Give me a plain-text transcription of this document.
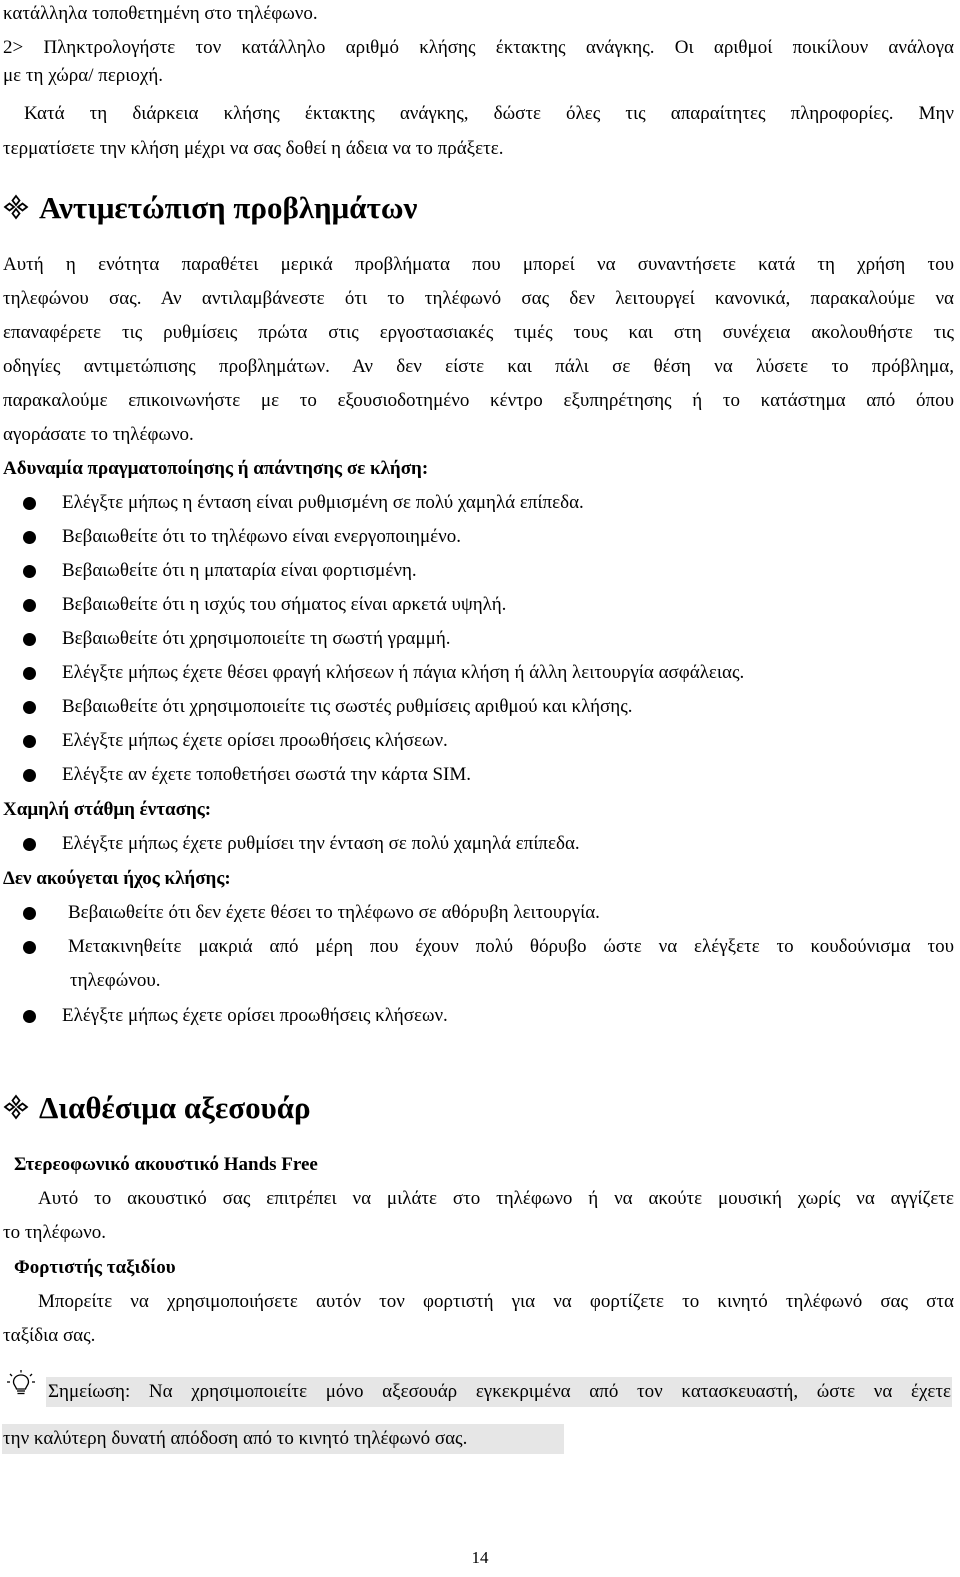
κατάλληλα τοποθετημένη στο τηλέφωνο.
2> Πληκτρολογήστε τον κατάλληλο αριθμό κλήσης έκτακτης ανάγκης. Οι αριθμοί ποικίλουν ανάλογα
με τη χώρα/ περιοχή.
Κατά τη διάρκεια κλήσης έκτακτης ανάγκης, δώστε όλες τις απαραίτητες πληροφορίες. Μην
τερματίσετε την κλήση μέχρι να σας δοθεί η άδεια να το πράξετε.
Αντιμετώπιση προβλημάτων
Αυτή η ενότητα παραθέτει μερικά προβλήματα που μπορεί να συναντήσετε κατά τη χρήση του
τηλεφώνου σας. Αν αντιλαμβάνεστε ότι το τηλέφωνό σας δεν λειτουργεί κανονικά, παρακαλούμε να
επαναφέρετε τις ρυθμίσεις πρώτα στις εργοστασιακές τιμές τους και στη συνέχεια ακολουθήστε τις
οδηγίες αντιμετώπισης προβλημάτων. Αν δεν είστε και πάλι σε θέση να λύσετε το πρόβλημα,
παρακαλούμε επικοινωνήστε με το εξουσιοδοτημένο κέντρο εξυπηρέτησης ή το κατάστημα από όπου
αγοράσατε το τηλέφωνο.
Αδυναμία πραγματοποίησης ή απάντησης σε κλήση:
Ελέγξτε μήπως η ένταση είναι ρυθμισμένη σε πολύ χαμηλά επίπεδα.
Βεβαιωθείτε ότι το τηλέφωνο είναι ενεργοποιημένο.
Βεβαιωθείτε ότι η μπαταρία είναι φορτισμένη.
Βεβαιωθείτε ότι η ισχύς του σήματος είναι αρκετά υψηλή.
Βεβαιωθείτε ότι χρησιμοποιείτε τη σωστή γραμμή.
Ελέγξτε μήπως έχετε θέσει φραγή κλήσεων ή πάγια κλήση ή άλλη λειτουργία ασφάλειας.
Βεβαιωθείτε ότι χρησιμοποιείτε τις σωστές ρυθμίσεις αριθμού και κλήσης.
Ελέγξτε μήπως έχετε ορίσει προωθήσεις κλήσεων.
Ελέγξτε αν έχετε τοποθετήσει σωστά την κάρτα SIM.
Χαμηλή στάθμη έντασης:
Ελέγξτε μήπως έχετε ρυθμίσει την ένταση σε πολύ χαμηλά επίπεδα.
Δεν ακούγεται ήχος κλήσης:
Βεβαιωθείτε ότι δεν έχετε θέσει το τηλέφωνο σε αθόρυβη λειτουργία.
Μετακινηθείτε μακριά από μέρη που έχουν πολύ θόρυβο ώστε να ελέγξετε το κουδούνισμα του
τηλεφώνου.
Ελέγξτε μήπως έχετε ορίσει προωθήσεις κλήσεων.
Διαθέσιμα αξεσουάρ
Στερεοφωνικό ακουστικό Hands Free
Αυτό το ακουστικό σας επιτρέπει να μιλάτε στο τηλέφωνο ή να ακούτε μουσική χωρίς να αγγίζετε
το τηλέφωνο.
Φορτιστής ταξιδίου
Μπορείτε να χρησιμοποιήσετε αυτόν τον φορτιστή για να φορτίζετε το κινητό τηλέφωνό σας στα
ταξίδια σας.
Σημείωση: Να χρησιμοποιείτε μόνο αξεσουάρ εγκεκριμένα από τον κατασκευαστή, ώστε να έχετε
την καλύτερη δυνατή απόδοση από το κινητό τηλέφωνό σας.
14
